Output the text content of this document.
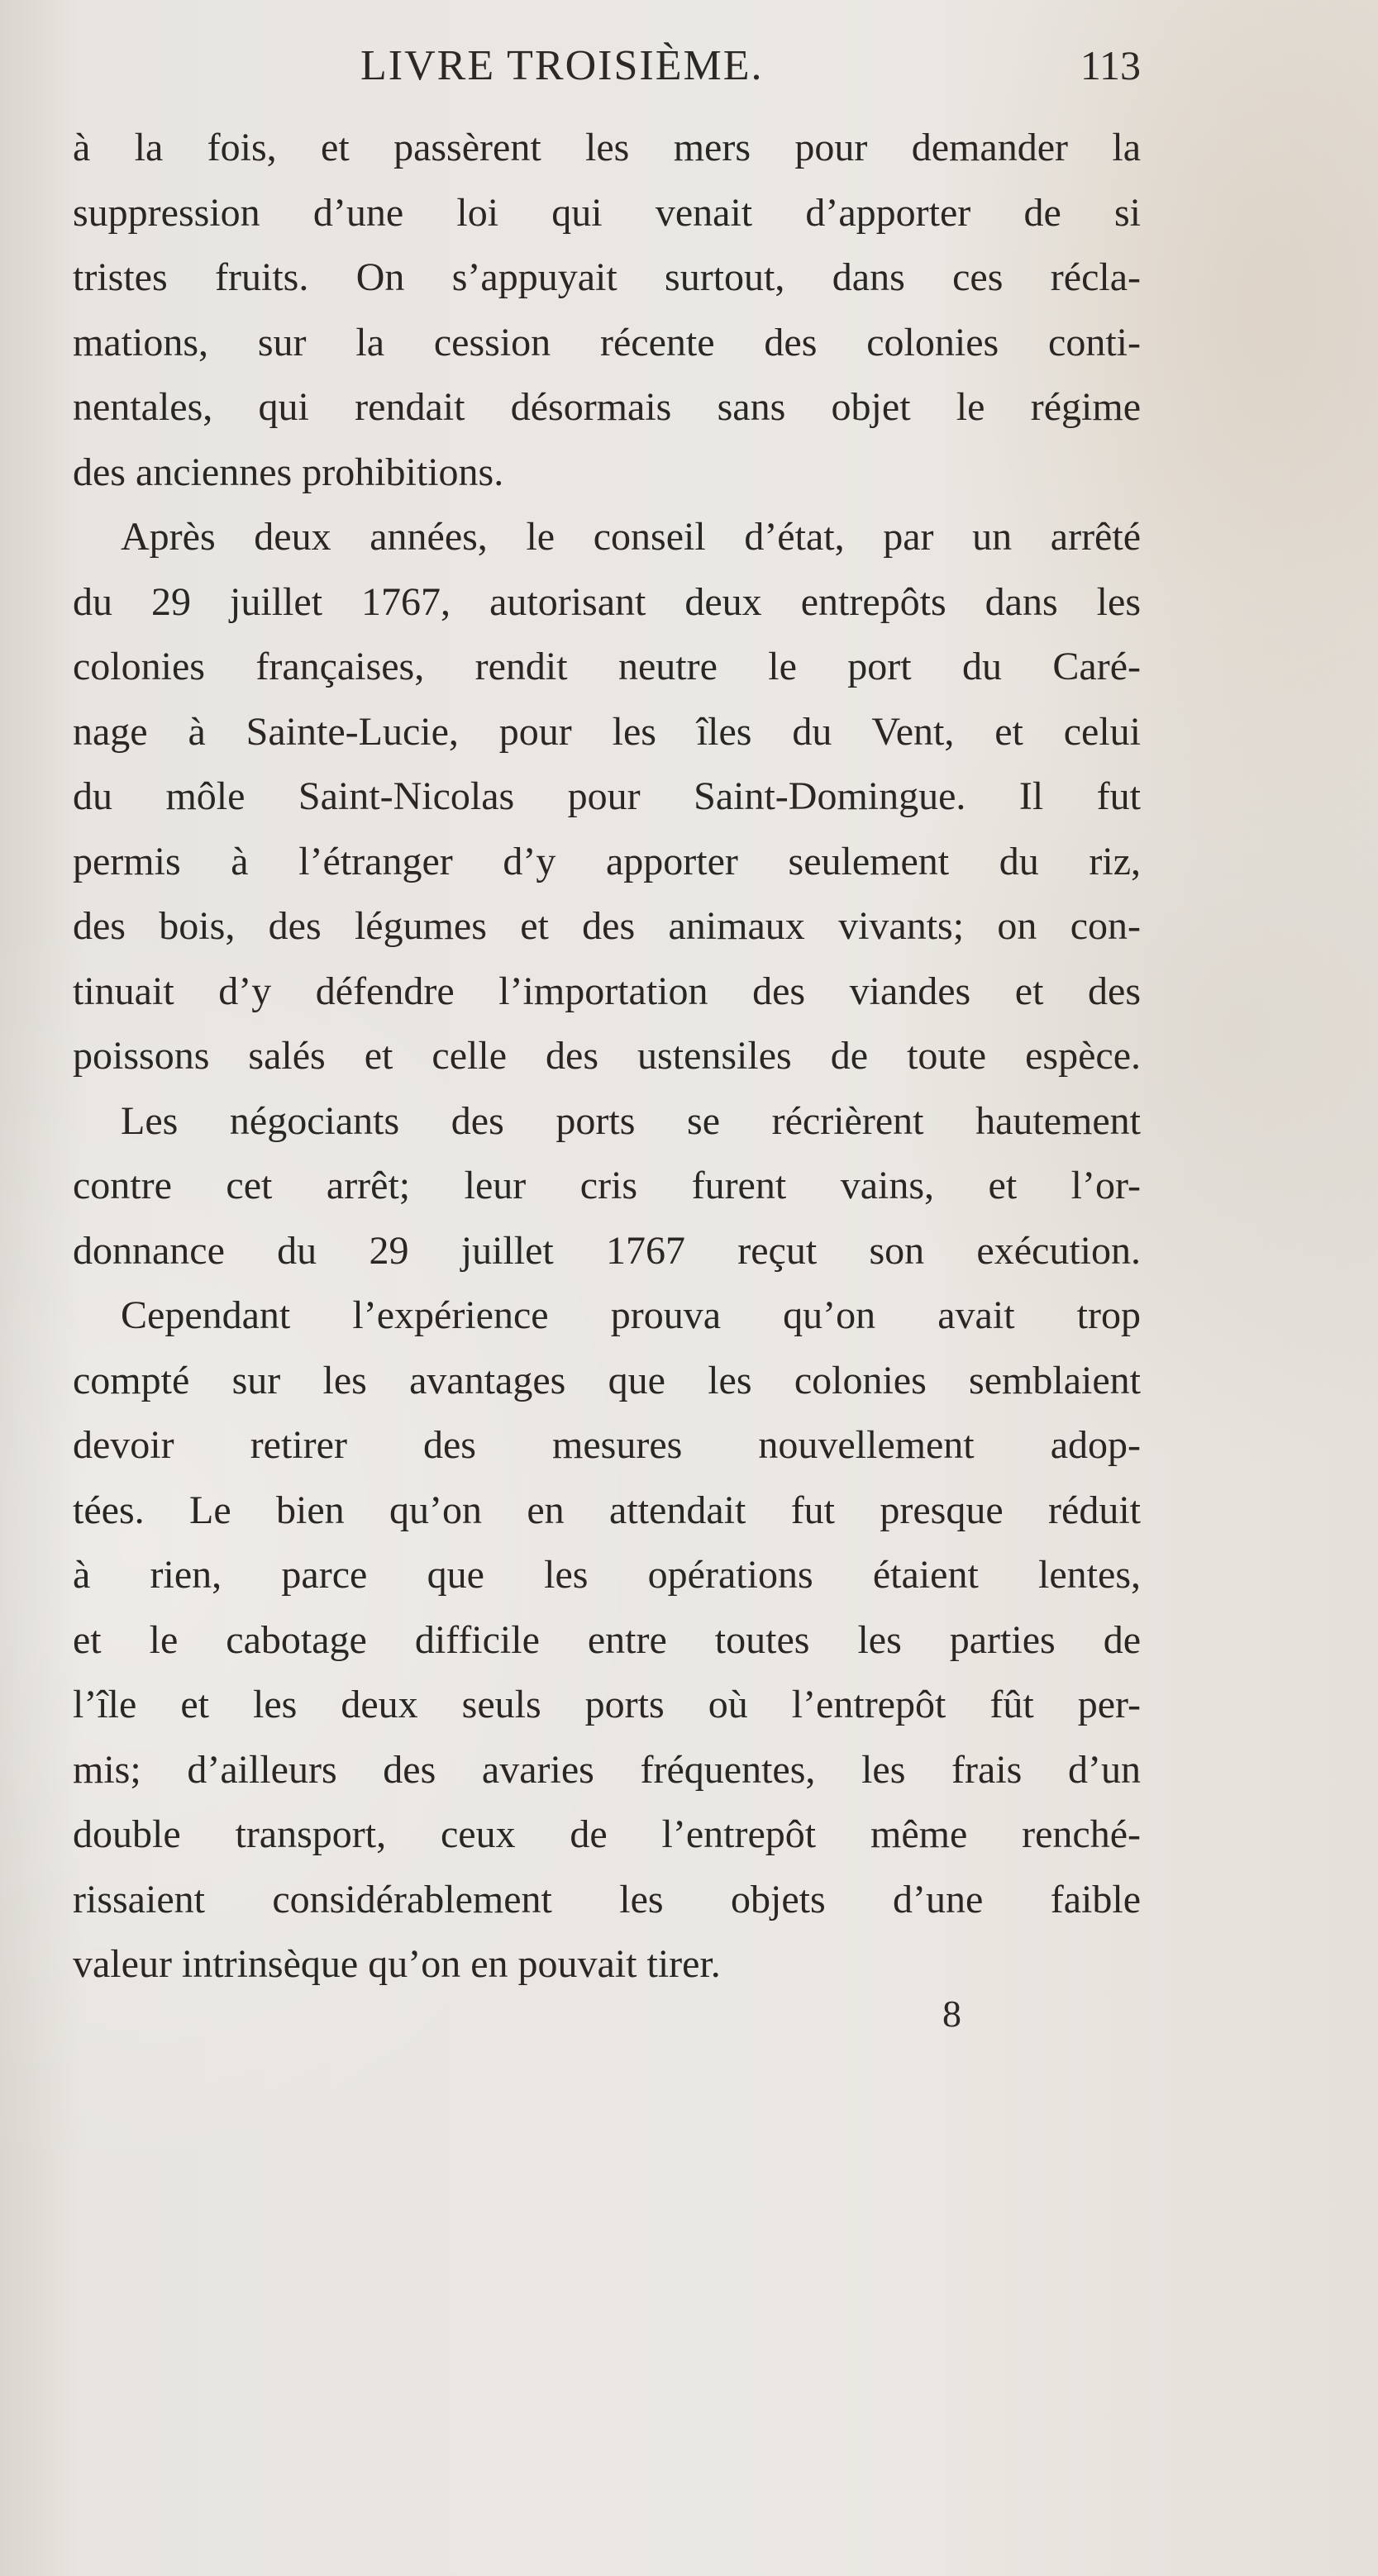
LIVRE TROISIÈME.	113
à la fois, et passèrent les mers pour demander la
suppression d’une loi qui venait d’apporter de si
tristes fruits. On s’appuyait surtout, dans ces récla-
mations, sur la cession récente des colonies conti-
nentales, qui rendait désormais sans objet le régime
des anciennes prohibitions.
Après deux années, le conseil d’état, par un arrêté
du 29 juillet 1767, autorisant deux entrepôts dans les
colonies françaises, rendit neutre le port du Caré-
nage à Sainte-Lucie, pour les îles du Vent, et celui
du môle Saint-Nicolas pour Saint-Domingue. Il fut
permis à l’étranger d’y apporter seulement du riz,
des bois, des légumes et des animaux vivants; on con-
tinuait d’y défendre l’importation des viandes et des
poissons salés et celle des ustensiles de toute espèce.
Les négociants des ports se récrièrent hautement
contre cet arrêt; leur cris furent vains, et l’or-
donnance du 29 juillet 1767 reçut son exécution.
Cependant l’expérience prouva qu’on avait trop
compté sur les avantages que les colonies semblaient
devoir retirer des mesures nouvellement adop-
tées. Le bien qu’on en attendait fut presque réduit
à rien, parce que les opérations étaient lentes,
et le cabotage difficile entre toutes les parties de
l’île et les deux seuls ports où l’entrepôt fût per-
mis; d’ailleurs des avaries fréquentes, les frais d’un
double transport, ceux de l’entrepôt même renché-
rissaient considérablement les objets d’une faible
valeur intrinsèque qu’on en pouvait tirer.
8
